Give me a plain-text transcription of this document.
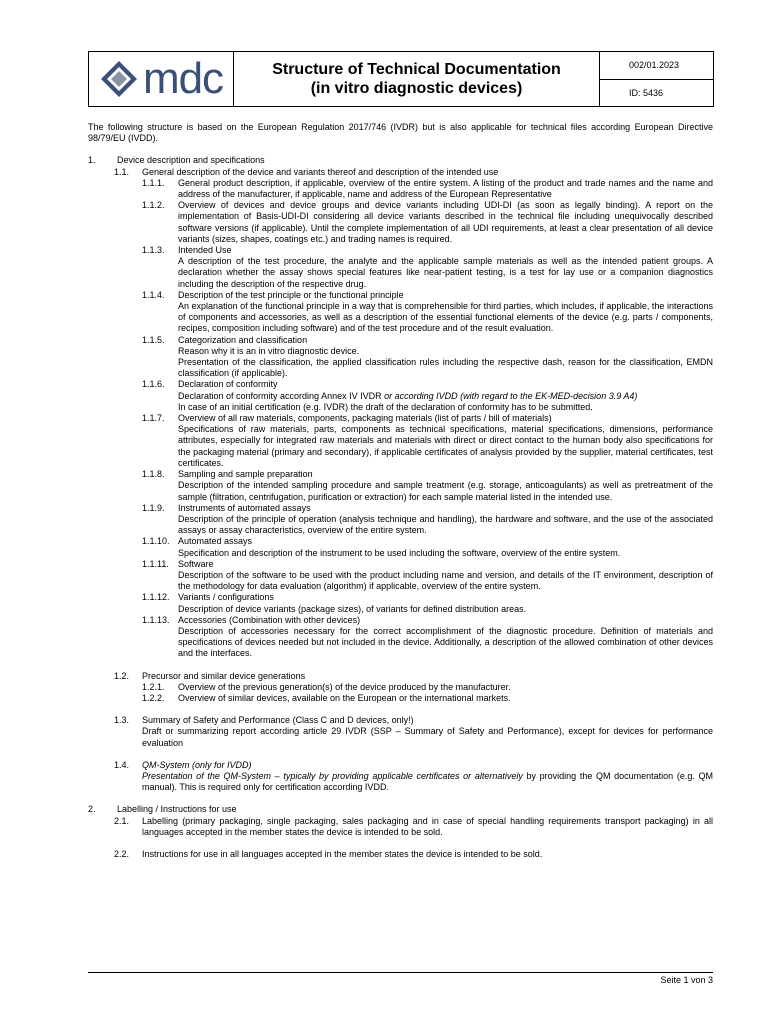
mdc	Structure of Technical Documentation
(in vitro diagnostic devices)
002/01.2023
ID: 5436
The following structure is based on the European Regulation 2017/746 (IVDR) but is also applicable for technical files according European Directive 98/79/EU (IVDD).
1.	Device description and specifications
1.1.	General description of the device and variants thereof and description of the intended use
1.1.1.	General product description, if applicable, overview of the entire system. A listing of the product and trade names and the name and address of the manufacturer, if applicable, name and address of the European Representative
1.1.2.	Overview of devices and device groups and device variants including UDI-DI (as soon as legally binding). A report on the implementation of Basis-UDI-DI considering all device variants described in the technical file including unequivocally described software versions (if applicable). Until the complete implementation of all UDI requirements, at least a clear presentation of all device variants (sizes, shapes, coatings etc.) and trading names is required.
1.1.3.	Intended Use
A description of the test procedure, the analyte and the applicable sample materials as well as the intended patient groups. A declaration whether the assay shows special features like near-patient testing, is a test for lay use or a companion diagnostics including the description of the respective drug.
1.1.4.	Description of the test principle or the functional principle
An explanation of the functional principle in a way that is comprehensible for third parties, which includes, if applicable, the interactions of components and accessories, as well as a description of the essential functional elements of the device (e.g. parts / components, recipes, composition including software) and of the test procedure and of the result evaluation.
1.1.5.	Categorization and classification
Reason why it is an in vitro diagnostic device.
Presentation of the classification, the applied classification rules including the respective dash, reason for the classification, EMDN classification (if applicable).
1.1.6.	Declaration of conformity
Declaration of conformity according Annex IV IVDR or according IVDD (with regard to the EK-MED-decision 3.9 A4)
In case of an initial certification (e.g. IVDR) the draft of the declaration of conformity has to be submitted.
1.1.7.	Overview of all raw materials, components, packaging materials (list of parts / bill of materials)
Specifications of raw materials, parts, components as technical specifications, material specifications, dimensions, performance attributes, especially for integrated raw materials and materials with direct or direct contact to the human body also specifications for the packaging material (primary and secondary), if applicable certificates of analysis provided by the supplier, material certificates, test certificates.
1.1.8.	Sampling and sample preparation
Description of the intended sampling procedure and sample treatment (e.g. storage, anticoagulants) as well as pretreatment of the sample (filtration, centrifugation, purification or extraction) for each sample material listed in the intended use.
1.1.9.	Instruments of automated assays
Description of the principle of operation (analysis technique and handling), the hardware and software, and the use of the associated assays or assay characteristics, overview of the entire system.
1.1.10. Automated assays
Specification and description of the instrument to be used including the software, overview of the entire system.
1.1.11.	Software
Description of the software to be used with the product including name and version, and details of the IT environment, description of the methodology for data evaluation (algorithm) if applicable, overview of the entire system.
1.1.12. Variants / configurations
Description of device variants (package sizes), of variants for defined distribution areas.
1.1.13. Accessories (Combination with other devices)
Description of accessories necessary for the correct accomplishment of the diagnostic procedure. Definition of materials and specifications of devices needed but not included in the device. Additionally, a description of the allowed combination of other devices and the interfaces.
1.2.	Precursor and similar device generations
1.2.1.	Overview of the previous generation(s) of the device produced by the manufacturer.
1.2.2.	Overview of similar devices, available on the European or the international markets.
1.3.	Summary of Safety and Performance (Class C and D devices, only!)
Draft or summarizing report according article 29 IVDR (SSP – Summary of Safety and Performance), except for devices for performance evaluation
1.4.	QM-System (only for IVDD)
Presentation of the QM-System – typically by providing applicable certificates or alternatively by providing the QM documentation (e.g. QM manual). This is required only for certification according IVDD.
2.	Labelling / Instructions for use
2.1.	Labelling (primary packaging, single packaging, sales packaging and in case of special handling requirements transport packaging) in all languages accepted in the member states the device is intended to be sold.
2.2.	Instructions for use in all languages accepted in the member states the device is intended to be sold.
Seite 1 von 3
